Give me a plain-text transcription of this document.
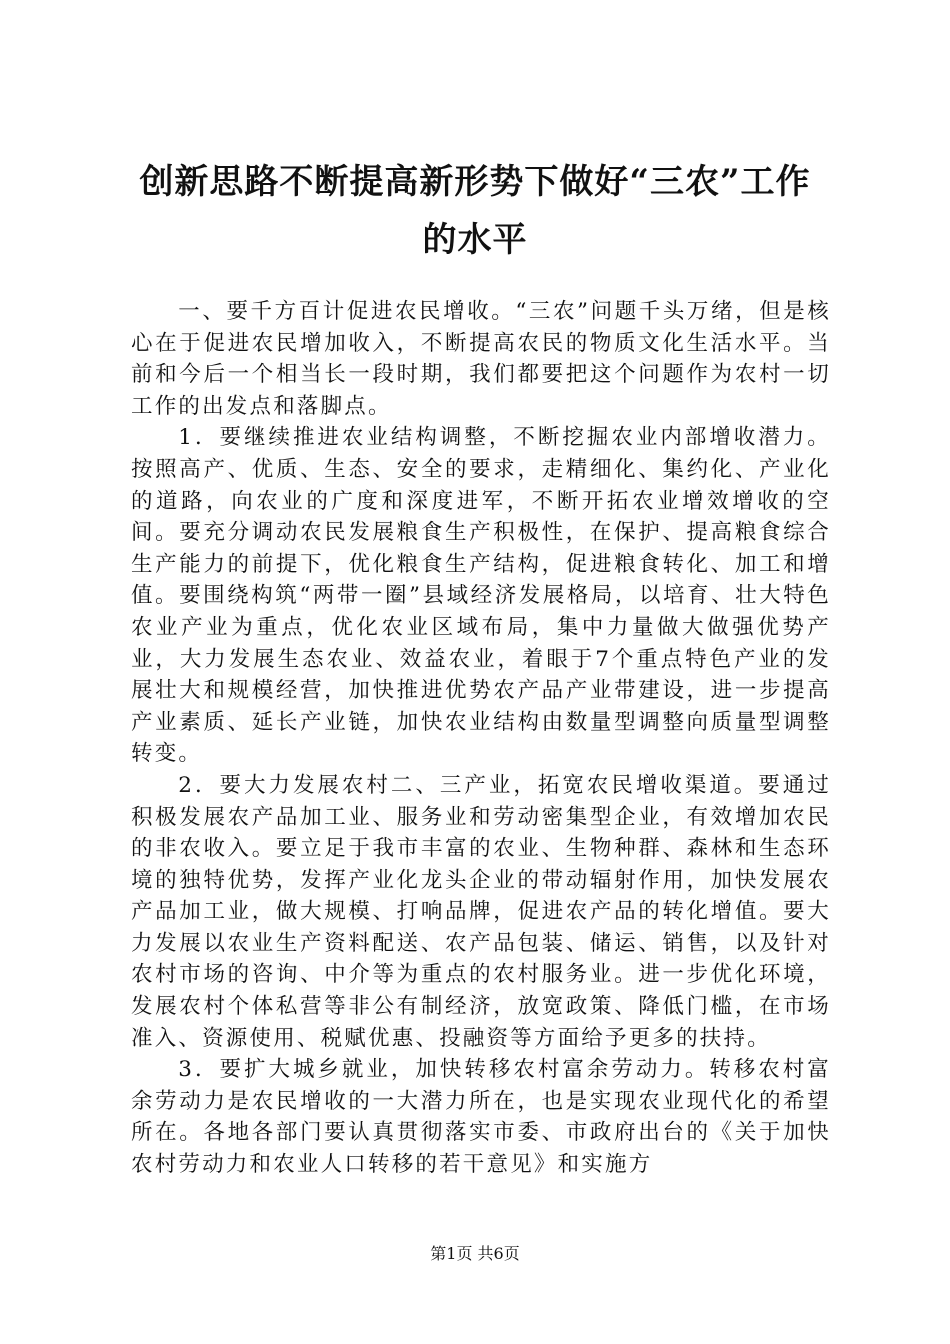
创新思路不断提高新形势下做好“三农”工作
的水平

一、要千方百计促进农民增收。“三农”问题千头万绪，但是核心在于促进农民增加收入，不断提高农民的物质文化生活水平。当前和今后一个相当长一段时期，我们都要把这个问题作为农村一切工作的出发点和落脚点。

1．要继续推进农业结构调整，不断挖掘农业内部增收潜力。按照高产、优质、生态、安全的要求，走精细化、集约化、产业化的道路，向农业的广度和深度进军，不断开拓农业增效增收的空间。要充分调动农民发展粮食生产积极性，在保护、提高粮食综合生产能力的前提下，优化粮食生产结构，促进粮食转化、加工和增值。要围绕构筑“两带一圈”县域经济发展格局，以培育、壮大特色农业产业为重点，优化农业区域布局，集中力量做大做强优势产业，大力发展生态农业、效益农业，着眼于7个重点特色产业的发展壮大和规模经营，加快推进优势农产品产业带建设，进一步提高产业素质、延长产业链，加快农业结构由数量型调整向质量型调整转变。

2．要大力发展农村二、三产业，拓宽农民增收渠道。要通过积极发展农产品加工业、服务业和劳动密集型企业，有效增加农民的非农收入。要立足于我市丰富的农业、生物种群、森林和生态环境的独特优势，发挥产业化龙头企业的带动辐射作用，加快发展农产品加工业，做大规模、打响品牌，促进农产品的转化增值。要大力发展以农业生产资料配送、农产品包装、储运、销售，以及针对农村市场的咨询、中介等为重点的农村服务业。进一步优化环境，发展农村个体私营等非公有制经济，放宽政策、降低门槛，在市场准入、资源使用、税赋优惠、投融资等方面给予更多的扶持。

3．要扩大城乡就业，加快转移农村富余劳动力。转移农村富余劳动力是农民增收的一大潜力所在，也是实现农业现代化的希望所在。各地各部门要认真贯彻落实市委、市政府出台的《关于加快农村劳动力和农业人口转移的若干意见》和实施方

第1页 共6页
